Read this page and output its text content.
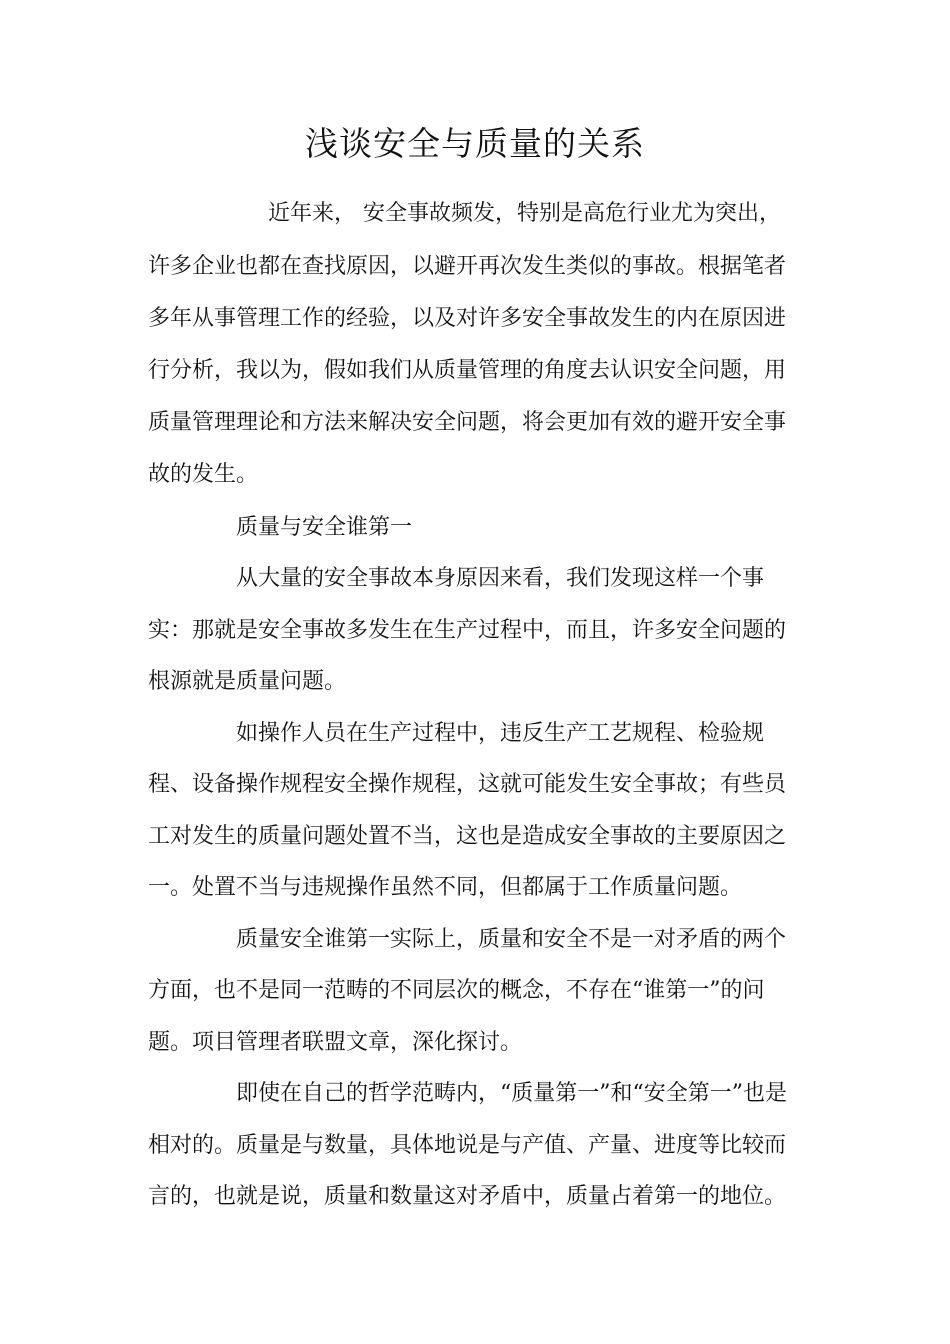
浅谈安全与质量的关系

近年来， 安全事故频发，特别是高危行业尤为突出，

许多企业也都在查找原因，以避开再次发生类似的事故。根据笔者

多年从事管理工作的经验，以及对许多安全事故发生的内在原因进

行分析，我以为，假如我们从质量管理的角度去认识安全问题，用

质量管理理论和方法来解决安全问题，将会更加有效的避开安全事

故的发生。

质量与安全谁第一

从大量的安全事故本身原因来看，我们发现这样一个事

实：那就是安全事故多发生在生产过程中，而且，许多安全问题的

根源就是质量问题。

如操作人员在生产过程中，违反生产工艺规程、检验规

程、设备操作规程安全操作规程，这就可能发生安全事故；有些员

工对发生的质量问题处置不当，这也是造成安全事故的主要原因之

一。处置不当与违规操作虽然不同，但都属于工作质量问题。

质量安全谁第一实际上，质量和安全不是一对矛盾的两个

方面，也不是同一范畴的不同层次的概念，不存在“谁第一”的问

题。项目管理者联盟文章，深化探讨。

即使在自己的哲学范畴内，“质量第一”和“安全第一”也是

相对的。质量是与数量，具体地说是与产值、产量、进度等比较而

言的，也就是说，质量和数量这对矛盾中，质量占着第一的地位。
